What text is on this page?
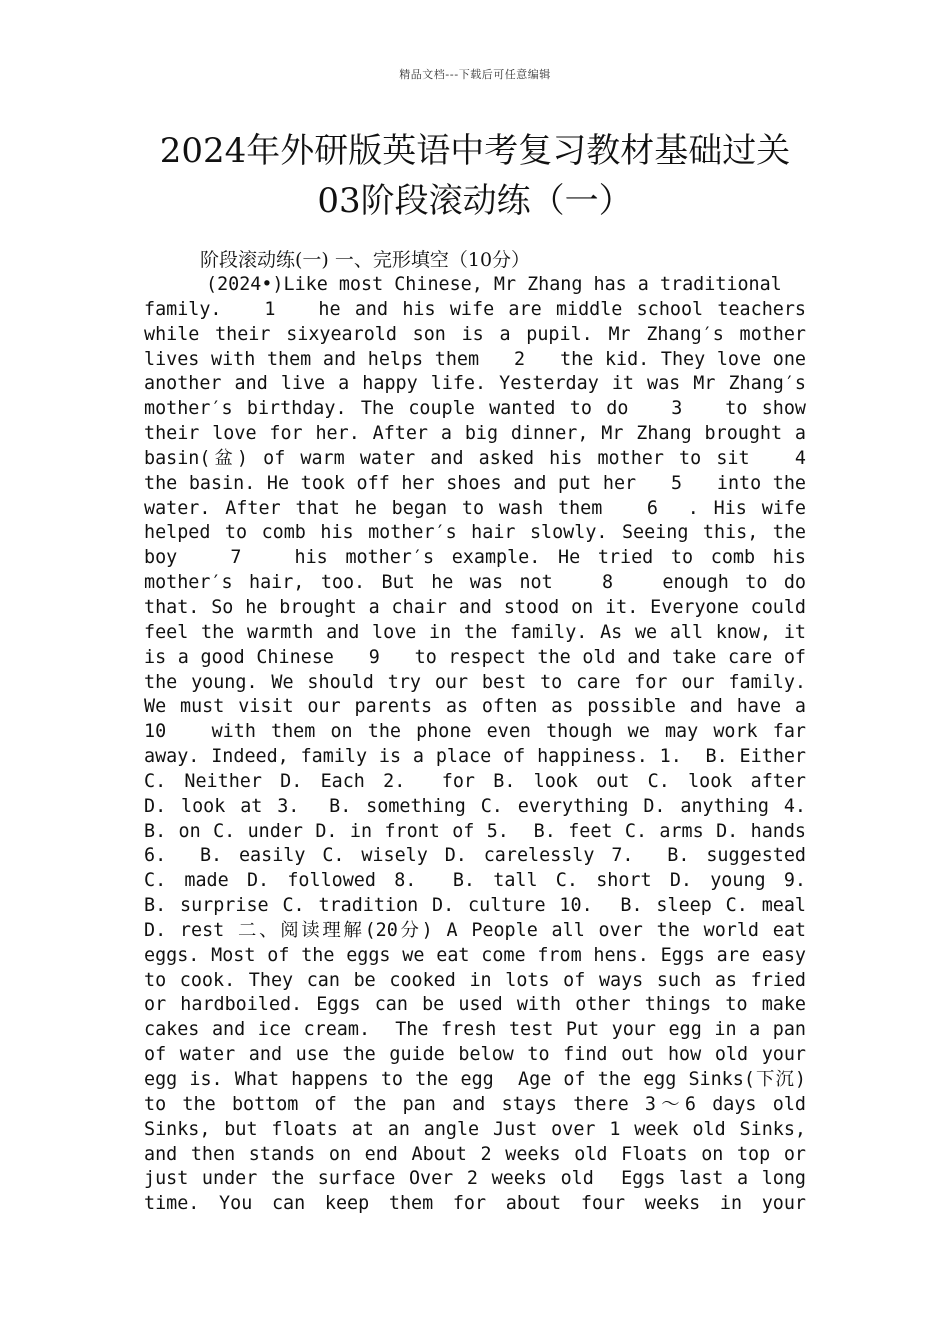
精品文档---下载后可任意编辑
2024年外研版英语中考复习教材基础过关
03阶段滚动练（一）
阶段滚动练(一) 一、完形填空（10分）
(2024•)Like most Chinese, Mr Zhang has a traditional
family.   1   he and his wife are middle school teachers
while their sixyearold son is a pupil. Mr Zhang′s mother
lives with them and helps them   2   the kid. They love one
another and live a happy life. Yesterday it was Mr Zhang′s
mother′s birthday. The couple wanted to do   3   to show
their love for her. After a big dinner, Mr Zhang brought a
basin(盆) of warm water and asked his mother to sit   4
the basin. He took off her shoes and put her   5   into the
water. After that he began to wash them   6  . His wife
helped to comb his mother′s hair slowly. Seeing this, the
boy   7   his mother′s example. He tried to comb his
mother′s hair, too. But he was not   8   enough to do
that. So he brought a chair and stood on it. Everyone could
feel the warmth and love in the family. As we all know, it
is a good Chinese   9   to respect the old and take care of
the young. We should try our best to care for our family.
We must visit our parents as often as possible and have a
10   with them on the phone even though we may work far
away. Indeed, family is a place of happiness. 1.  B. Either
C. Neither D. Each 2.  for B. look out C. look after
D. look at 3.  B. something C. everything D. anything 4.
B. on C. under D. in front of 5.  B. feet C. arms D. hands
6.  B. easily C. wisely D. carelessly 7.  B. suggested
C. made D. followed 8.  B. tall C. short D. young 9.
B. surprise C. tradition D. culture 10.  B. sleep C. meal
D. rest 二、阅读理解(20分) A People all over the world eat
eggs. Most of the eggs we eat come from hens. Eggs are easy
to cook. They can be cooked in lots of ways such as fried
or hardboiled. Eggs can be used with other things to make
cakes and ice cream.  The fresh test Put your egg in a pan
of water and use the guide below to find out how old your
egg is. What happens to the egg  Age of the egg Sinks(下沉)
to the bottom of the pan and stays there 3～6 days old
Sinks, but floats at an angle Just over 1 week old Sinks,
and then stands on end About 2 weeks old Floats on top or
just under the surface Over 2 weeks old  Eggs last a long
time. You can keep them for about four weeks in your
